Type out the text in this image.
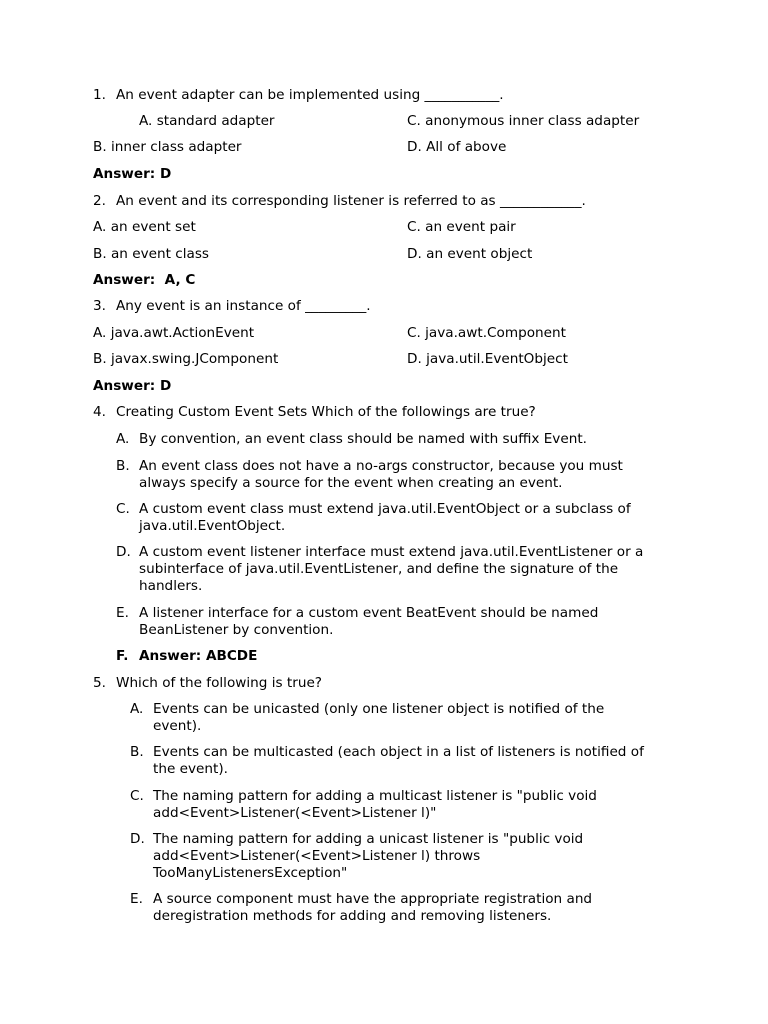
1. An event adapter can be implemented using ___________.
A. standard adapter	C. anonymous inner class adapter
B. inner class adapter	D. All of above
Answer: D
2. An event and its corresponding listener is referred to as ____________.
A. an event set	C. an event pair
B. an event class	D. an event object
Answer:  A, C
3. Any event is an instance of _________.
A. java.awt.ActionEvent	C. java.awt.Component
B. javax.swing.JComponent	D. java.util.EventObject
Answer: D
4. Creating Custom Event Sets Which of the followings are true?
A. By convention, an event class should be named with suffix Event.
B. An event class does not have a no-args constructor, because you must
always specify a source for the event when creating an event.
C. A custom event class must extend java.util.EventObject or a subclass of
java.util.EventObject.
D. A custom event listener interface must extend java.util.EventListener or a
subinterface of java.util.EventListener, and define the signature of the
handlers.
E. A listener interface for a custom event BeatEvent should be named
BeanListener by convention.
F. Answer: ABCDE
5. Which of the following is true?
A. Events can be unicasted (only one listener object is notified of the
event).
B. Events can be multicasted (each object in a list of listeners is notified of
the event).
C. The naming pattern for adding a multicast listener is "public void
add<Event>Listener(<Event>Listener l)"
D. The naming pattern for adding a unicast listener is "public void
add<Event>Listener(<Event>Listener l) throws
TooManyListenersException"
E. A source component must have the appropriate registration and
deregistration methods for adding and removing listeners.
